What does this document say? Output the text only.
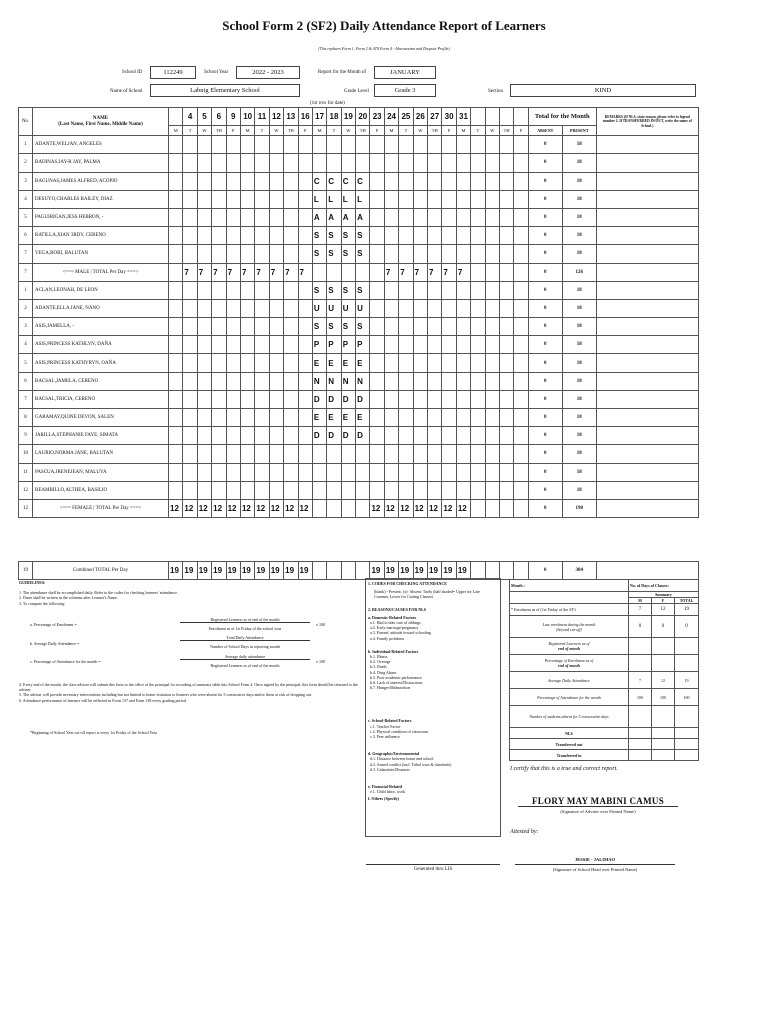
School Form 2 (SF2) Daily Attendance Report of Learners
(This replaces Form 1, Form 2 & STS Form 4 - Absenteeism and Dropout Profile)
School ID	112249	School Year	2022 - 2023	Report for the Month of	JANUARY
Name of School	Labnig Elementary School	Grade Level	Grade 3	Section	KIND
(1st row for date)
No.	NAME
(Last Name, First Name, Middle Name)		4	5	6	9	10	11	12	13	16	17	18	19	20	23	24	25	26	27	30	31					Total for the Month		REMARKS (If NLS, state reason, please refer to legend number 2. If TRANSFERRED IN/OUT, write the name of School.)
		M	T	W	TH	F	M	T	W	TH	F	M	T	W	TH	F	M	T	W	TH	F	M	T	W	TH	F	ABSENT	PRESENT	
1	ADANTE,WELJAN, ANGELES																										0	18	
2	BADINAS,JAY-R JAY, PALMA																										0	18	
3	BAGUNAS,JAMES ALFRED, ACOPIO											C	C	C	C												0	18	
4	DESUYO,CHARLES BAILEY, DIAZ											L	L	L	L												0	18	
5	PAGUIRIGAN,JESS HEBRON, -											A	A	A	A												0	18	
6	RATILLA,XIAN 3RDY, CERENO											S	S	S	S												0	18	
7	VEGA,ROBI, BALUTAN											S	S	S	S												0	18	
7	<=== MALE | TOTAL Per Day ===>		7	7	7	7	7	7	7	7	7						7	7	7	7	7	7					0	126	
1	ACLAN,LEONAH, DE LEON											S	S	S	S												0	18	
2	ADANTE,ELLA JANE, NANO											U	U	U	U												0	18	
3	ASIS,JAMELLA, -											S	S	S	S												0	18	
4	ASIS,PRINCESS KATHLYN, DAÑA											P	P	P	P												0	18	
5	ASIS,PRINCESS KATHYRYN, OAÑA											E	E	E	E												0	18	
6	BACSAL,JAMELA, CERENO											N	N	N	N												0	18	
7	BACSAL,TRICIA, CERENO											D	D	D	D												0	18	
8	GARAMAY,QUINE DEVON, SALEN											E	E	E	E												0	18	
9	JARILLA,STEPHANIE FAYE, SIMATA											D	D	D	D												0	18	
10	LAURIO,NORMA JANE, BALUTAN																										0	18	
11	PASCUA,JRENEJEAN, MALUYA																										0	18	
12	REAMBILLO,ALTHEA, BASILIO																										0	18	
12	<=== FEMALE | TOTAL Per Day ===>	12	12	12	12	12	12	12	12	12	12					12	12	12	12	12	12	12					0	198	
19	Combined TOTAL Per Day	19	19	19	19	19	19	19	19	19	19					19	19	19	19	19	19	19					0	304	
GUIDELINES:
1. The attendance shall be accomplished daily. Refer to the codes for checking learners' attendance.
2. Dates shall be written in the columns after Learner's Name.
3. To compute the following:
a. Percentage of Enrolment =
Registered Learners as of end of the month
Enrolment as of 1st Friday of the school year
x 100
b. Average Daily Attendance =
Total Daily Attendance
Number of School Days in reporting month
c. Percentage of Attendance for the month =
Average daily attendance
Registered Learners as of end of the month
x 100
4. Every end of the month, the class adviser will submit this form to the office of the principal for recording of summary table into School Form 4. Once signed by the principal, this form should be returned to the adviser.
5. The adviser will provide necessary interventions including but not limited to home visitation to learners who were absent for 5 consecutive days and/or those at risk of dropping out.
6. Attendance performance of learners will be reflected in Form 137 and Form 138 every grading period.
*Beginning of School Year cut-off report is every 1st Friday of the School Year
1. CODES FOR CHECKING ATTENDANCE
(blank) - Present; (x)- Absent; Tardy (half shaded= Upper for Late Commer, Lower for Cutting Classes)
2. REASONS/CAUSES FOR NLS
a. Domestic-Related Factors
a.1. Had to take care of siblings
a.2. Early marriage/pregnancy
a.3. Parents' attitude toward schooling
a.4. Family problems
b. Individual-Related Factors
b.1. Illness
b.2. Overage
b.3. Death
b.4. Drug Abuse
b.5. Poor academic performance
b.6. Lack of interest/Distractions
b.7. Hunger/Malnutrition
c. School-Related Factors
c.1. Teacher Factor
c.2. Physical condition of classroom
c.3. Peer influence
d. Geographic/Environmental
d.1. Distance between home and school
d.2. Armed conflict (incl. Tribal wars & clanfeuds)
d.3. Calamities/Disasters
e. Financial-Related
e.1. Child labor, work
f. Others (Specify)
Month :	No. of Days of Classes:		
	Summary		
	M	F	TOTAL
* Enrolment as of (1st Friday of the SY)	7	12	19
Late enrolment during the month
(beyond cut-off)	0	0	0
Registered Learners as of
end of month			
Percentage of Enrolment as of
end of month			
Average Daily Attendance	7	12	19
Percentage of Attendance for the month	100	100	100
Number of students absent for 5 consecutive days			
NLS			
Transferred out			
Transferred in			
I certify that this is a true and correct report.
FLORY MAY MABINI CAMUS
(Signature of Adviser over Printed Name)
Attested by:
JESSIE - JALIMAO
(Signature of School Head over Printed Name)
Generated thru LIS
